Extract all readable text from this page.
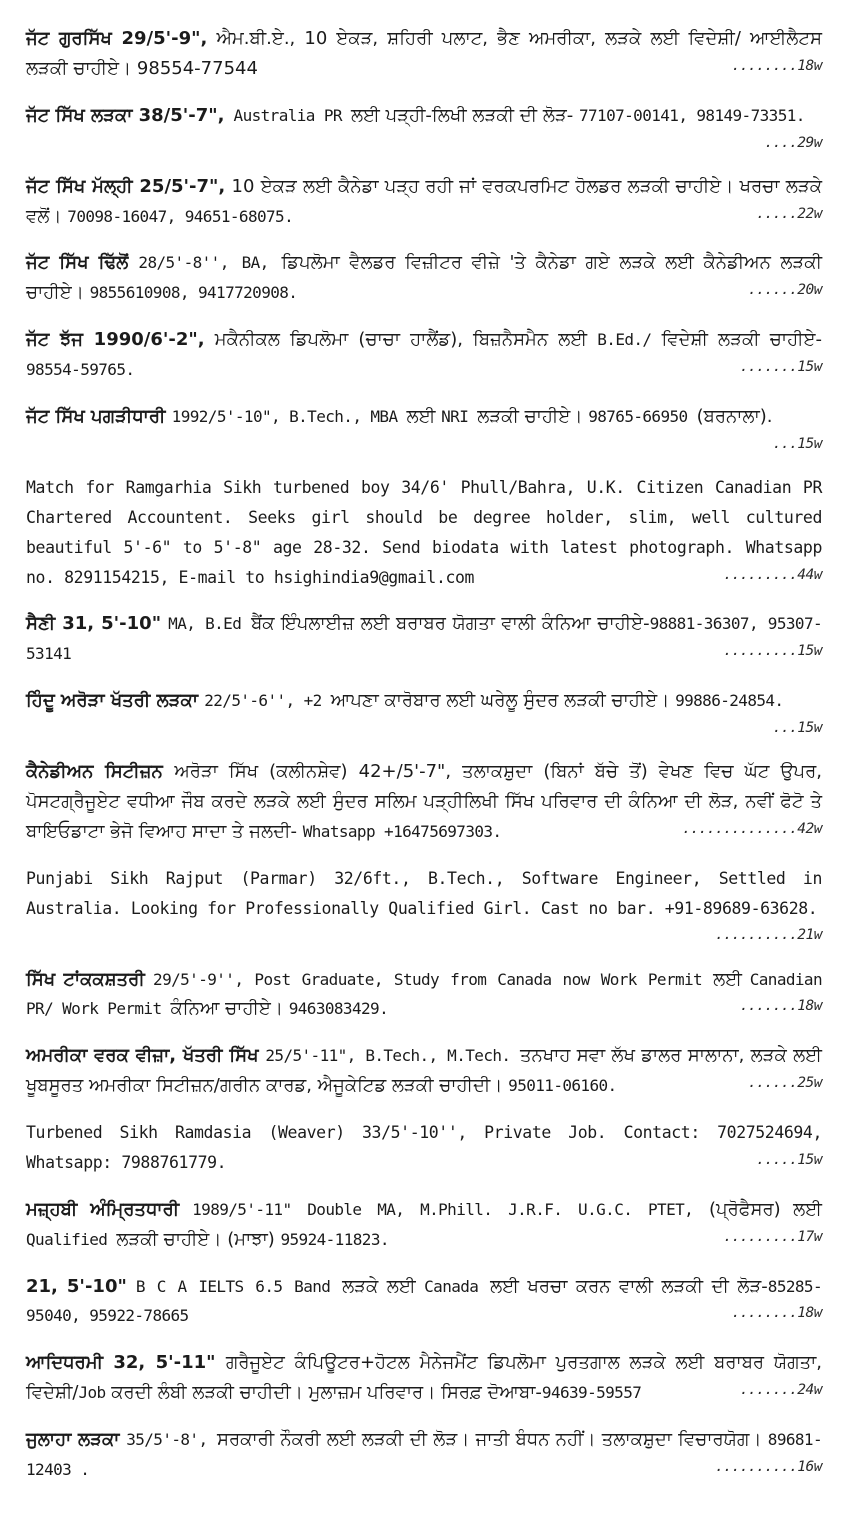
ਜੱਟ ਗੁਰਸਿੱਖ 29/5'-9", ਐਮ.ਬੀ.ਏ., 10 ਏਕੜ, ਸ਼ਹਿਰੀ ਪਲਾਟ, ਭੈਣ ਅਮਰੀਕਾ, ਲੜਕੇ ਲਈ ਵਿਦੇਸ਼ੀ/ ਆਈਲੈਟਸ ਲੜਕੀ ਚਾਹੀਏ। 98554-77544	........18w

ਜੱਟ ਸਿੱਖ ਲੜਕਾ 38/5'-7", Australia PR ਲਈ ਪੜ੍ਹੀ-ਲਿਖੀ ਲੜਕੀ ਦੀ ਲੋੜ- 77107-00141, 98149-73351.
....29w

ਜੱਟ ਸਿੱਖ ਮੱਲ੍ਹੀ 25/5'-7", 10 ਏਕੜ ਲਈ ਕੈਨੇਡਾ ਪੜ੍ਹ ਰਹੀ ਜਾਂ ਵਰਕਪਰਮਿਟ ਹੋਲਡਰ ਲੜਕੀ ਚਾਹੀਏ। ਖਰਚਾ ਲੜਕੇ ਵਲੋਂ। 70098-16047, 94651-68075.	.....22w

ਜੱਟ ਸਿੱਖ ਢਿੱਲੋਂ 28/5'-8'', BA, ਡਿਪਲੋਮਾ ਵੈਲਡਰ ਵਿਜ਼ੀਟਰ ਵੀਜ਼ੇ 'ਤੇ ਕੈਨੇਡਾ ਗਏ ਲੜਕੇ ਲਈ ਕੈਨੇਡੀਅਨ ਲੜਕੀ ਚਾਹੀਏ। 9855610908, 9417720908.	......20w

ਜੱਟ ਝੱਜ 1990/6'-2", ਮਕੈਨੀਕਲ ਡਿਪਲੋਮਾ (ਚਾਚਾ ਹਾਲੈਂਡ), ਬਿਜ਼ਨੈਸਮੈਨ ਲਈ B.Ed./ ਵਿਦੇਸ਼ੀ ਲੜਕੀ ਚਾਹੀਏ- 98554-59765.	.......15w

ਜੱਟ ਸਿੱਖ ਪਗੜੀਧਾਰੀ 1992/5'-10", B.Tech., MBA ਲਈ NRI ਲੜਕੀ ਚਾਹੀਏ। 98765-66950 (ਬਰਨਾਲਾ).
...15w

Match for Ramgarhia Sikh turbened boy 34/6' Phull/Bahra, U.K. Citizen Canadian PR Chartered Accountent. Seeks girl should be degree holder, slim, well cultured beautiful 5'-6" to 5'-8" age 28-32. Send biodata with latest photograph. Whatsapp no. 8291154215, E-mail to hsighindia9@gmail.com	.........44w

ਸੈਣੀ 31, 5'-10" MA, B.Ed ਬੈਂਕ ਇੰਪਲਾਈਜ਼ ਲਈ ਬਰਾਬਰ ਯੋਗਤਾ ਵਾਲੀ ਕੰਨਿਆ ਚਾਹੀਏ-98881-36307, 95307-53141	.........15w

ਹਿੰਦੂ ਅਰੋੜਾ ਖੱਤਰੀ ਲੜਕਾ 22/5'-6'', +2 ਆਪਣਾ ਕਾਰੋਬਾਰ ਲਈ ਘਰੇਲੂ ਸੁੰਦਰ ਲੜਕੀ ਚਾਹੀਏ। 99886-24854.
...15w

ਕੈਨੇਡੀਅਨ ਸਿਟੀਜ਼ਨ ਅਰੋੜਾ ਸਿੱਖ (ਕਲੀਨਸ਼ੇਵ) 42+/5'-7", ਤਲਾਕਸ਼ੁਦਾ (ਬਿਨਾਂ ਬੱਚੇ ਤੋਂ) ਵੇਖਣ ਵਿਚ ਘੱਟ ਉਪਰ, ਪੋਸਟਗ੍ਰੈਜੂਏਟ ਵਧੀਆ ਜੌਬ ਕਰਦੇ ਲੜਕੇ ਲਈ ਸੁੰਦਰ ਸਲਿਮ ਪੜ੍ਹੀਲਿਖੀ ਸਿੱਖ ਪਰਿਵਾਰ ਦੀ ਕੰਨਿਆ ਦੀ ਲੋੜ, ਨਵੀਂ ਫੋਟੋ ਤੇ ਬਾਇਓਡਾਟਾ ਭੇਜੋ ਵਿਆਹ ਸਾਦਾ ਤੇ ਜਲਦੀ- Whatsapp +16475697303.	..............42w

Punjabi Sikh Rajput (Parmar) 32/6ft., B.Tech., Software Engineer, Settled in Australia. Looking for Professionally Qualified Girl. Cast no bar. +91-89689-63628.
..........21w

ਸਿੱਖ ਟਾਂਕਕਸ਼ਤਰੀ 29/5'-9'', Post Graduate, Study from Canada now Work Permit ਲਈ Canadian PR/ Work Permit ਕੰਨਿਆ ਚਾਹੀਏ। 9463083429.	.......18w

ਅਮਰੀਕਾ ਵਰਕ ਵੀਜ਼ਾ, ਖੱਤਰੀ ਸਿੱਖ 25/5'-11", B.Tech., M.Tech. ਤਨਖਾਹ ਸਵਾ ਲੱਖ ਡਾਲਰ ਸਾਲਾਨਾ, ਲੜਕੇ ਲਈ ਖੂਬਸੂਰਤ ਅਮਰੀਕਾ ਸਿਟੀਜ਼ਨ/ਗਰੀਨ ਕਾਰਡ, ਐਜੂਕੇਟਿਡ ਲੜਕੀ ਚਾਹੀਦੀ। 95011-06160.	......25w

Turbened Sikh Ramdasia (Weaver) 33/5'-10'', Private Job. Contact: 7027524694, Whatsapp: 7988761779.	.....15w

ਮਜ਼੍ਹਬੀ ਅੰਮ੍ਰਿਤਧਾਰੀ 1989/5'-11" Double MA, M.Phill. J.R.F. U.G.C. PTET, (ਪ੍ਰੋਫੈਸਰ) ਲਈ Qualified ਲੜਕੀ ਚਾਹੀਏ। (ਮਾਝਾ) 95924-11823.	.........17w

21, 5'-10" B C A IELTS 6.5 Band ਲੜਕੇ ਲਈ Canada ਲਈ ਖਰਚਾ ਕਰਨ ਵਾਲੀ ਲੜਕੀ ਦੀ ਲੋੜ-85285-95040, 95922-78665	........18w

ਆਦਿਧਰਮੀ 32, 5'-11" ਗਰੈਜੂਏਟ ਕੰਪਿਊਟਰ+ਹੋਟਲ ਮੈਨੇਜਮੈਂਟ ਡਿਪਲੋਮਾ ਪੁਰਤਗਾਲ ਲੜਕੇ ਲਈ ਬਰਾਬਰ ਯੋਗਤਾ, ਵਿਦੇਸ਼ੀ/Job ਕਰਦੀ ਲੰਬੀ ਲੜਕੀ ਚਾਹੀਦੀ। ਮੁਲਾਜ਼ਮ ਪਰਿਵਾਰ। ਸਿਰਫ਼ ਦੋਆਬਾ-94639-59557	.......24w

ਜੁਲਾਹਾ ਲੜਕਾ 35/5'-8', ਸਰਕਾਰੀ ਨੌਕਰੀ ਲਈ ਲੜਕੀ ਦੀ ਲੋੜ। ਜਾਤੀ ਬੰਧਨ ਨਹੀਂ। ਤਲਾਕਸ਼ੁਦਾ ਵਿਚਾਰਯੋਗ। 89681-12403 .	..........16w
